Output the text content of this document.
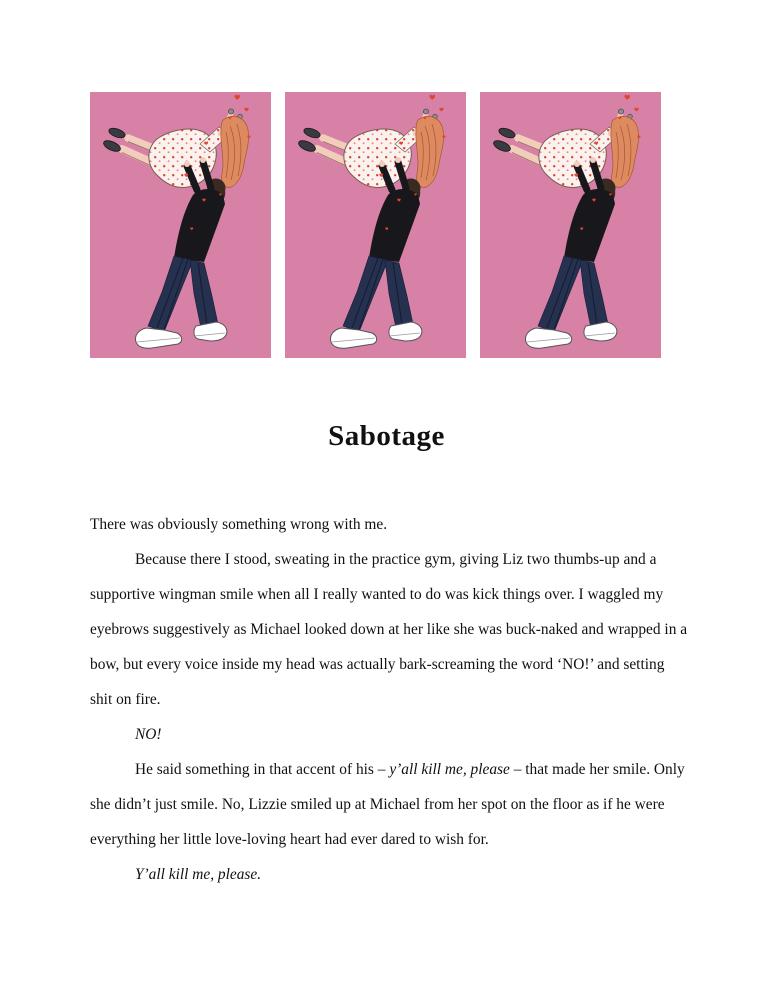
Sabotage
There was obviously something wrong with me.
Because there I stood, sweating in the practice gym, giving Liz two thumbs-up and a
supportive wingman smile when all I really wanted to do was kick things over. I waggled my
eyebrows suggestively as Michael looked down at her like she was buck-naked and wrapped in a
bow, but every voice inside my head was actually bark-screaming the word ‘NO!’ and setting
shit on fire.
NO!
He said something in that accent of his – y’all kill me, please – that made her smile. Only
she didn’t just smile. No, Lizzie smiled up at Michael from her spot on the floor as if he were
everything her little love-loving heart had ever dared to wish for.
Y’all kill me, please.
